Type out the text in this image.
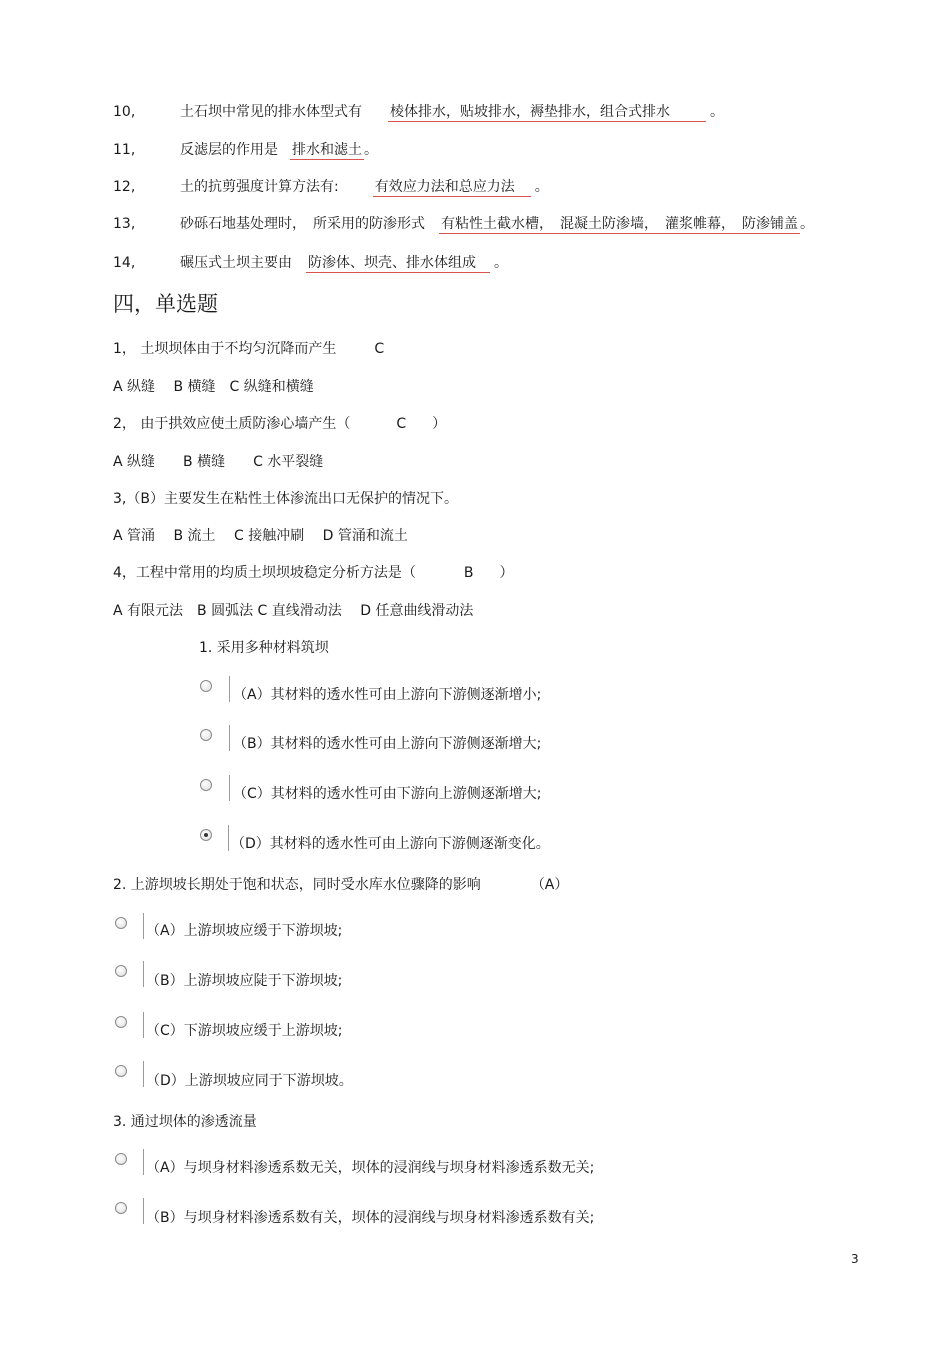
10,	土石坝中常见的排水体型式有 棱体排水，贴坡排水，褥垫排水，组合式排水	。
11,	反滤层的作用是 排水和滤土 。
12,	土的抗剪强度计算方法有:	有效应力法和总应力法 。
13,	砂砾石地基处理时，　所采用的防渗形式 有粘性土截水槽，　混凝土防渗墙，　灌浆帷幕，　防渗铺盖 。
14,	碾压式土坝主要由 防渗体、坝壳、排水体组成 。
四，单选题
1， 土坝坝体由于不均匀沉降而产生	C
A 纵缝　 B 横缝　C 纵缝和横缝
2， 由于拱效应使土质防渗心墙产生（	C ）
A 纵缝　　B 横缝　　C 水平裂缝
3,（B）主要发生在粘性土体渗流出口无保护的情况下。
A 管涌　 B 流土　 C 接触冲刷　 D 管涌和流土
4，工程中常用的均质土坝坝坡稳定分析方法是（	B ）
A 有限元法　B 圆弧法 C 直线滑动法　 D 任意曲线滑动法
1. 采用多种材料筑坝
（A）其材料的透水性可由上游向下游侧逐渐增小;
（B）其材料的透水性可由上游向下游侧逐渐增大;
（C）其材料的透水性可由下游向上游侧逐渐增大;
（D）其材料的透水性可由上游向下游侧逐渐变化。
2. 上游坝坡长期处于饱和状态，同时受水库水位骤降的影响	（A）
（A）上游坝坡应缓于下游坝坡;
（B）上游坝坡应陡于下游坝坡;
（C）下游坝坡应缓于上游坝坡;
（D）上游坝坡应同于下游坝坡。
3. 通过坝体的渗透流量
（A）与坝身材料渗透系数无关，坝体的浸润线与坝身材料渗透系数无关;
（B）与坝身材料渗透系数有关，坝体的浸润线与坝身材料渗透系数有关;
3
